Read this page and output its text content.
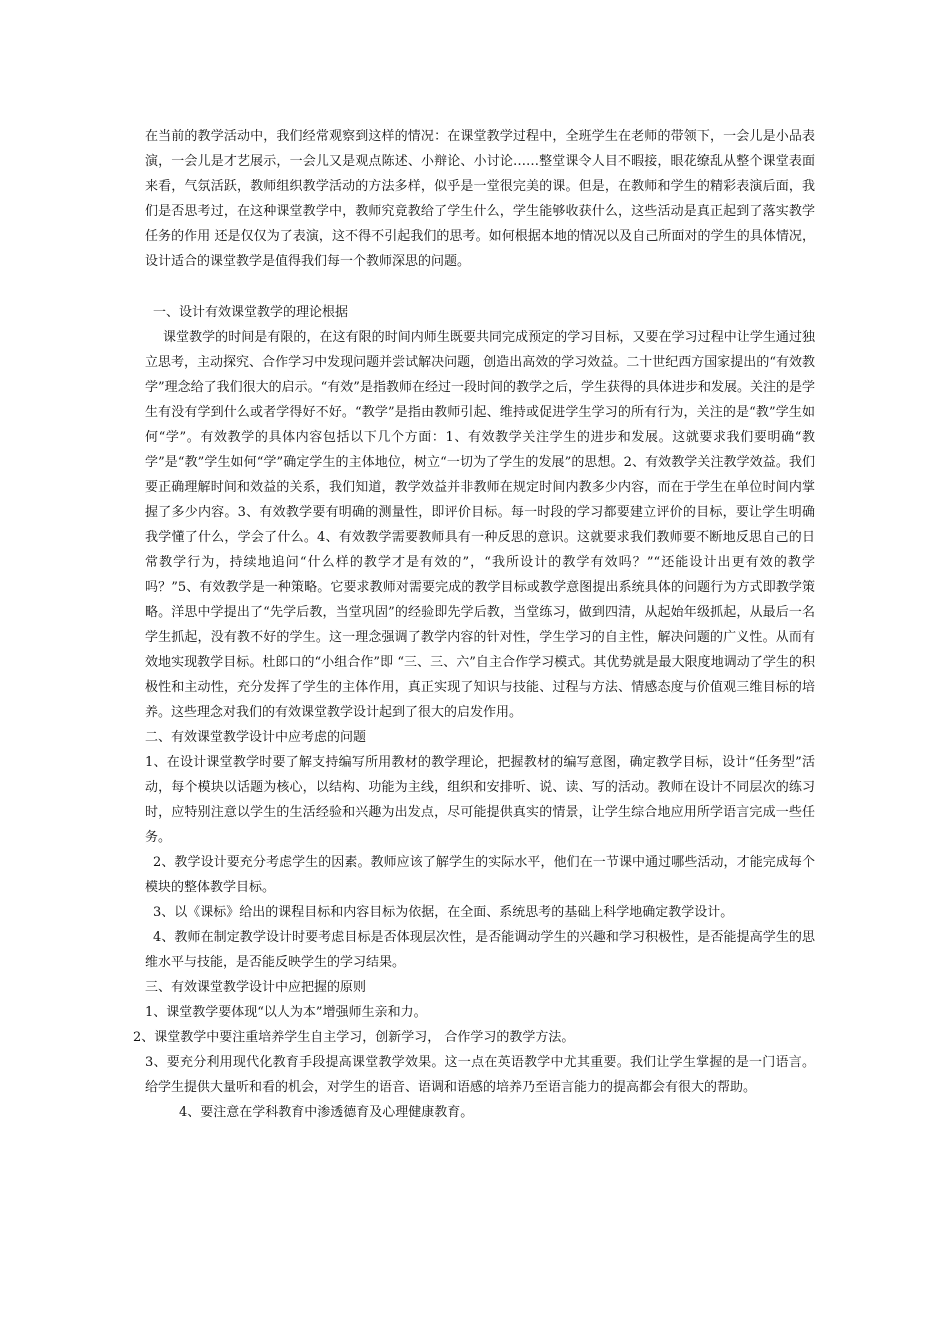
在当前的教学活动中，我们经常观察到这样的情况：在课堂教学过程中，全班学生在老师的带领下，一会儿是小品表演，一会儿是才艺展示，一会儿又是观点陈述、小辩论、小讨论……整堂课令人目不暇接，眼花缭乱从整个课堂表面来看，气氛活跃，教师组织教学活动的方法多样，似乎是一堂很完美的课。但是，在教师和学生的精彩表演后面，我们是否思考过，在这种课堂教学中，教师究竟教给了学生什么，学生能够收获什么，这些活动是真正起到了落实教学任务的作用 还是仅仅为了表演，这不得不引起我们的思考。如何根据本地的情况以及自己所面对的学生的具体情况， 设计适合的课堂教学是值得我们每一个教师深思的问题。

一、设计有效课堂教学的理论根据

课堂教学的时间是有限的，在这有限的时间内师生既要共同完成预定的学习目标，又要在学习过程中让学生通过独立思考，主动探究、合作学习中发现问题并尝试解决问题，创造出高效的学习效益。二十世纪西方国家提出的“有效教学”理念给了我们很大的启示。“有效”是指教师在经过一段时间的教学之后，学生获得的具体进步和发展。关注的是学生有没有学到什么或者学得好不好。“教学”是指由教师引起、维持或促进学生学习的所有行为，关注的是“教”学生如何“学”。有效教学的具体内容包括以下几个方面：1、有效教学关注学生的进步和发展。这就要求我们要明确“教学”是“教”学生如何“学”确定学生的主体地位，树立“一切为了学生的发展”的思想。2、有效教学关注教学效益。我们要正确理解时间和效益的关系，我们知道，教学效益并非教师在规定时间内教多少内容，而在于学生在单位时间内掌握了多少内容。3、有效教学要有明确的测量性，即评价目标。每一时段的学习都要建立评价的目标，要让学生明确我学懂了什么，学会了什么。4、有效教学需要教师具有一种反思的意识。这就要求我们教师要不断地反思自己的日常教学行为，持续地追问“什么样的教学才是有效的”，“我所设计的教学有效吗？”“还能设计出更有效的教学吗？”5、有效教学是一种策略。它要求教师对需要完成的教学目标或教学意图提出系统具体的问题行为方式即教学策略。洋思中学提出了“先学后教，当堂巩固”的经验即先学后教，当堂练习，做到四清，从起始年级抓起，从最后一名学生抓起，没有教不好的学生。这一理念强调了教学内容的针对性，学生学习的自主性，解决问题的广义性。从而有效地实现教学目标。杜郎口的“小组合作”即 “三、三、六”自主合作学习模式。其优势就是最大限度地调动了学生的积极性和主动性，充分发挥了学生的主体作用，真正实现了知识与技能、过程与方法、情感态度与价值观三维目标的培养。这些理念对我们的有效课堂教学设计起到了很大的启发作用。

二、有效课堂教学设计中应考虑的问题

1、在设计课堂教学时要了解支持编写所用教材的教学理论，把握教材的编写意图，确定教学目标，设计“任务型”活动，每个模块以话题为核心，以结构、功能为主线，组织和安排听、说、读、写的活动。教师在设计不同层次的练习时，应特别注意以学生的生活经验和兴趣为出发点，尽可能提供真实的情景，让学生综合地应用所学语言完成一些任务。

2、教学设计要充分考虑学生的因素。教师应该了解学生的实际水平，他们在一节课中通过哪些活动，才能完成每个模块的整体教学目标。

3、以《课标》给出的课程目标和内容目标为依据，在全面、系统思考的基础上科学地确定教学设计。

4、教师在制定教学设计时要考虑目标是否体现层次性，是否能调动学生的兴趣和学习积极性，是否能提高学生的思维水平与技能，是否能反映学生的学习结果。

三、有效课堂教学设计中应把握的原则

1、课堂教学要体现“以人为本”增强师生亲和力。

2、课堂教学中要注重培养学生自主学习，创新学习， 合作学习的教学方法。

3、要充分利用现代化教育手段提高课堂教学效果。这一点在英语教学中尤其重要。我们让学生掌握的是一门语言。给学生提供大量听和看的机会，对学生的语音、语调和语感的培养乃至语言能力的提高都会有很大的帮助。

4、要注意在学科教育中渗透德育及心理健康教育。
